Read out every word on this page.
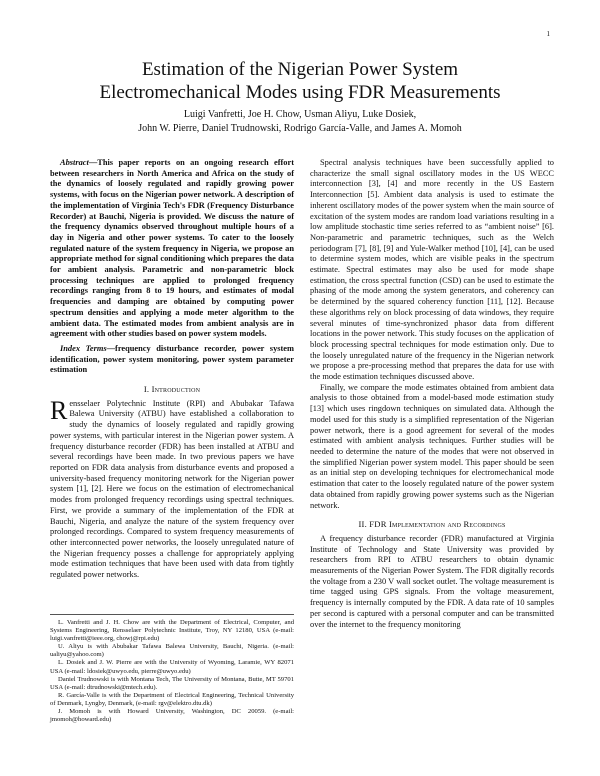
1
Estimation of the Nigerian Power System
Electromechanical Modes using FDR Measurements
Luigi Vanfretti, Joe H. Chow, Usman Aliyu, Luke Dosiek,
John W. Pierre, Daniel Trudnowski, Rodrigo García-Valle, and James A. Momoh

Abstract—This paper reports on an ongoing research effort between researchers in North America and Africa on the study of the dynamics of loosely regulated and rapidly growing power systems, with focus on the Nigerian power network. A description of the implementation of Virginia Tech's FDR (Frequency Disturbance Recorder) at Bauchi, Nigeria is provided. We discuss the nature of the frequency dynamics observed throughout multiple hours of a day in Nigeria and other power systems. To cater to the loosely regulated nature of the system frequency in Nigeria, we propose an appropriate method for signal conditioning which prepares the data for ambient analysis. Parametric and non-parametric block processing techniques are applied to prolonged frequency recordings ranging from 8 to 19 hours, and estimates of modal frequencies and damping are obtained by computing power spectrum densities and applying a mode meter algorithm to the ambient data. The estimated modes from ambient analysis are in agreement with other studies based on power system models.

Index Terms—frequency disturbance recorder, power system identification, power system monitoring, power system parameter estimation

I. Introduction

Rensselaer Polytechnic Institute (RPI) and Abubakar Tafawa Balewa University (ATBU) have established a collaboration to study the dynamics of loosely regulated and rapidly growing power systems, with particular interest in the Nigerian power system. A frequency disturbance recorder (FDR) has been installed at ATBU and several recordings have been made. In two previous papers we have reported on FDR data analysis from disturbance events and proposed a university-based frequency monitoring network for the Nigerian power system [1], [2]. Here we focus on the estimation of electromechanical modes from prolonged frequency recordings using spectral techniques. First, we provide a summary of the implementation of the FDR at Bauchi, Nigeria, and analyze the nature of the system frequency over prolonged recordings. Compared to system frequency measurements of other interconnected power networks, the loosely unregulated nature of the Nigerian frequency posses a challenge for appropriately applying mode estimation techniques that have been used with data from tightly regulated power networks.

L. Vanfretti and J. H. Chow are with the Department of Electrical, Computer, and Systems Engineering, Rensselaer Polytechnic Institute, Troy, NY 12180, USA (e-mail: luigi.vanfretti@ieee.org, chowj@rpi.edu)

U. Aliyu is with Abubakar Tafawa Balewa University, Bauchi, Nigeria. (e-mail: ualiyu@yahoo.com)

L. Dosiek and J. W. Pierre are with the University of Wyoming, Laramie, WY 82071 USA (e-mail: ldosiek@uwyo.edu, pierre@uwyo.edu)

Daniel Trudnowski is with Montana Tech, The University of Montana, Butte, MT 59701 USA (e-mail: dtrudnowski@mtech.edu).

R. García-Valle is with the Department of Electrical Engineering, Technical University of Denmark, Lyngby, Denmark, (e-mail: rgv@elektro.dtu.dk)

J. Momoh is with Howard University, Washington, DC 20059. (e-mail: jmomoh@howard.edu)

Spectral analysis techniques have been successfully applied to characterize the small signal oscillatory modes in the US WECC interconnection [3], [4] and more recently in the US Eastern Interconnection [5]. Ambient data analysis is used to estimate the inherent oscillatory modes of the power system when the main source of excitation of the system modes are random load variations resulting in a low amplitude stochastic time series referred to as “ambient noise” [6]. Non-parametric and parametric techniques, such as the Welch periodogram [7], [8], [9] and Yule-Walker method [10], [4], can be used to determine system modes, which are visible peaks in the spectrum estimate. Spectral estimates may also be used for mode shape estimation, the cross spectral function (CSD) can be used to estimate the phasing of the mode among the system generators, and coherency can be determined by the squared coherency function [11], [12]. Because these algorithms rely on block processing of data windows, they require several minutes of time-synchronized phasor data from different locations in the power network. This study focuses on the application of block processing spectral techniques for mode estimation only. Due to the loosely unregulated nature of the frequency in the Nigerian network we propose a pre-processing method that prepares the data for use with the mode estimation techniques discussed above.

Finally, we compare the mode estimates obtained from ambient data analysis to those obtained from a model-based mode estimation study [13] which uses ringdown techniques on simulated data. Although the model used for this study is a simplified representation of the Nigerian power network, there is a good agreement for several of the modes estimated with ambient analysis techniques. Further studies will be needed to determine the nature of the modes that were not observed in the simplified Nigerian power system model. This paper should be seen as an initial step on developing techniques for electromechanical mode estimation that cater to the loosely regulated nature of the power system data obtained from rapidly growing power systems such as the Nigerian network.

II. FDR Implementation and Recordings

A frequency disturbance recorder (FDR) manufactured at Virginia Institute of Technology and State University was provided by researchers from RPI to ATBU researchers to obtain dynamic measurements of the Nigerian Power System. The FDR digitally records the voltage from a 230 V wall socket outlet. The voltage measurement is time tagged using GPS signals. From the voltage measurement, frequency is internally computed by the FDR. A data rate of 10 samples per second is captured with a personal computer and can be transmitted over the internet to the frequency monitoring
